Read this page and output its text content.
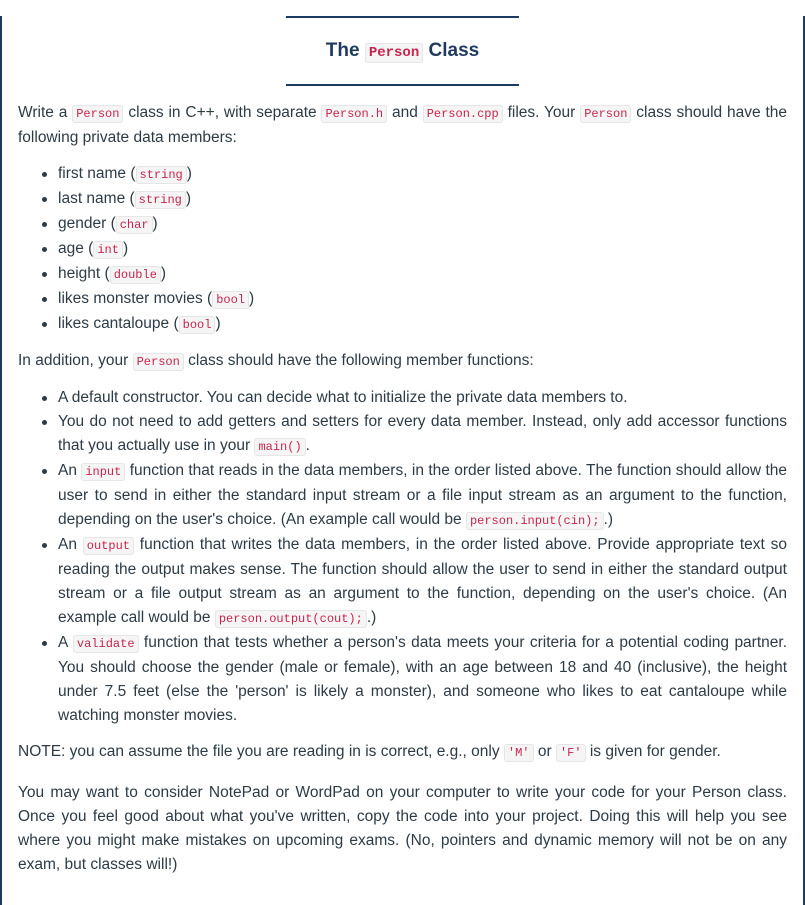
The Person Class

Write a Person class in C++, with separate Person.h and Person.cpp files. Your Person class should have the following private data members:

first name ( string )
last name ( string )
gender ( char )
age ( int )
height ( double )
likes monster movies ( bool )
likes cantaloupe ( bool )

In addition, your Person class should have the following member functions:

A default constructor. You can decide what to initialize the private data members to.
You do not need to add getters and setters for every data member. Instead, only add accessor functions that you actually use in your main() .
An input function that reads in the data members, in the order listed above. The function should allow the user to send in either the standard input stream or a file input stream as an argument to the function, depending on the user's choice. (An example call would be person.input(cin); .)
An output function that writes the data members, in the order listed above. Provide appropriate text so reading the output makes sense. The function should allow the user to send in either the standard output stream or a file output stream as an argument to the function, depending on the user's choice. (An example call would be person.output(cout); .)
A validate function that tests whether a person's data meets your criteria for a potential coding partner. You should choose the gender (male or female), with an age between 18 and 40 (inclusive), the height under 7.5 feet (else the 'person' is likely a monster), and someone who likes to eat cantaloupe while watching monster movies.

NOTE: you can assume the file you are reading in is correct, e.g., only 'M' or 'F' is given for gender.

You may want to consider NotePad or WordPad on your computer to write your code for your Person class. Once you feel good about what you've written, copy the code into your project. Doing this will help you see where you might make mistakes on upcoming exams. (No, pointers and dynamic memory will not be on any exam, but classes will!)
